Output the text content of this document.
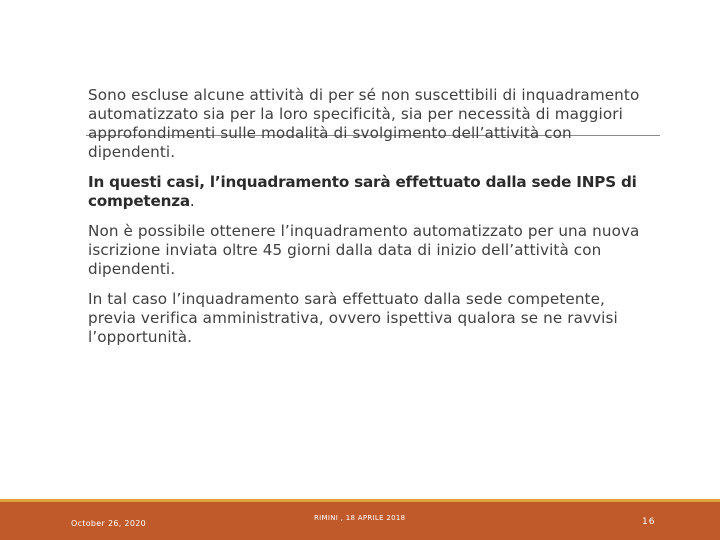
Sono escluse alcune attività di per sé non suscettibili di inquadramento automatizzato sia per la loro specificità, sia per necessità di maggiori approfondimenti sulle modalità di svolgimento dell’attività con dipendenti.

In questi casi, l’inquadramento sarà effettuato dalla sede INPS di competenza.

Non è possibile ottenere l’inquadramento automatizzato per una nuova iscrizione inviata oltre 45 giorni dalla data di inizio dell’attività con dipendenti.

In tal caso l’inquadramento sarà effettuato dalla sede competente, previa verifica amministrativa, ovvero ispettiva qualora se ne ravvisi l’opportunità.

October 26, 2020
RIMINI , 18 APRILE 2018	16
